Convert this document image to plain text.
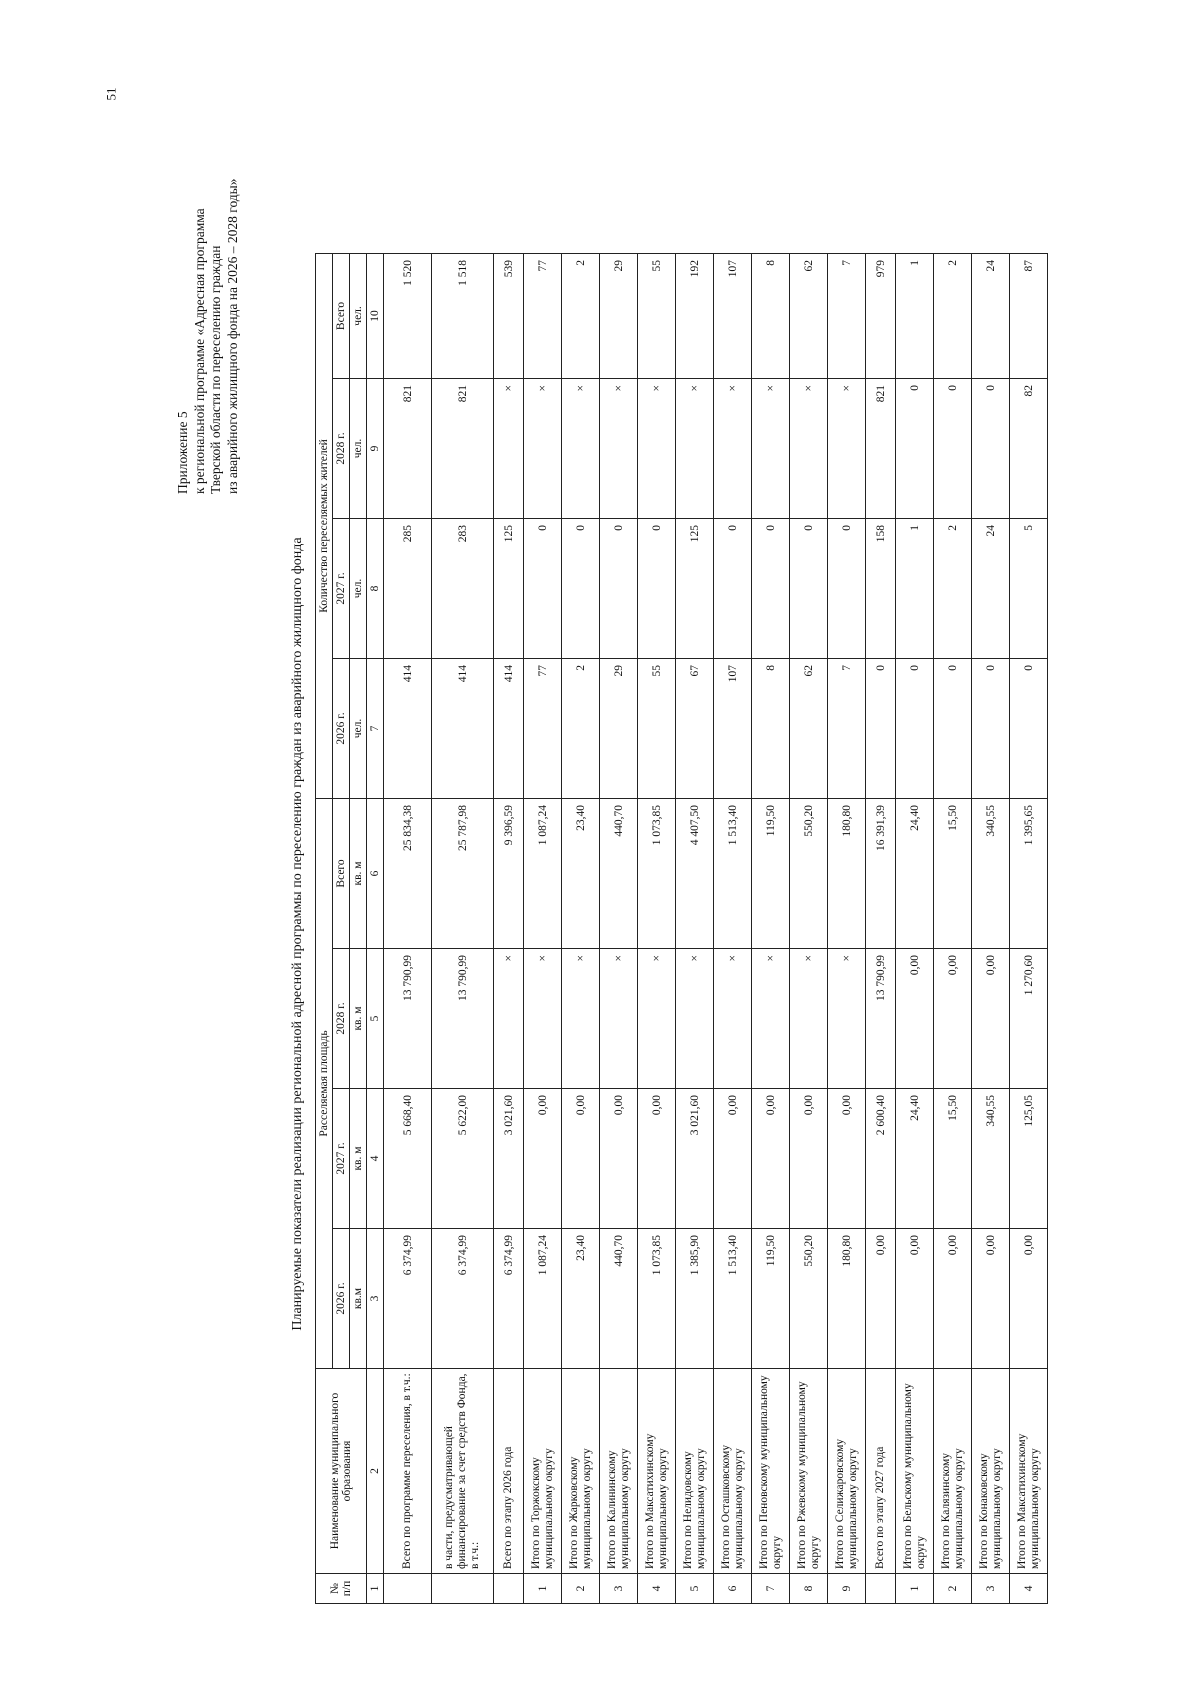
51
Приложение 5 к региональной программе «Адресная программа Тверской области по переселению граждан из аварийного жилищного фонда на 2026 – 2028 годы»
Планируемые показатели реализации региональной адресной программы по переселению граждан из аварийного жилищного фонда
№ п/п	Наименование муниципального образования	Расселяемая площадь				Количество переселяемых жителей			
		2026 г.	2027 г.	2028 г.	Всего	2026 г.	2027 г.	2028 г.	Всего
		кв.м	кв. м	кв. м	кв. м	чел.	чел.	чел.	чел.
1	2	3	4	5	6	7	8	9	10
	Всего по программе переселения, в т.ч.:	6 374,99	5 668,40	13 790,99	25 834,38	414	285	821	1 520
	в части, предусматривающей финансирование за счет средств Фонда, в т.ч.:	6 374,99	5 622,00	13 790,99	25 787,98	414	283	821	1 518
	Всего по этапу 2026 года	6 374,99	3 021,60	×	9 396,59	414	125	×	539
1	Итого по Торжокскому муниципальному округу	1 087,24	0,00	×	1 087,24	77	0	×	77
2	Итого по Жарковскому муниципальному округу	23,40	0,00	×	23,40	2	0	×	2
3	Итого по Калининскому муниципальному округу	440,70	0,00	×	440,70	29	0	×	29
4	Итого по Максатихинскому муниципальному округу	1 073,85	0,00	×	1 073,85	55	0	×	55
5	Итого по Нелидовскому муниципальному округу	1 385,90	3 021,60	×	4 407,50	67	125	×	192
6	Итого по Осташковскому муниципальному округу	1 513,40	0,00	×	1 513,40	107	0	×	107
7	Итого по Пеновскому муниципальному округу	119,50	0,00	×	119,50	8	0	×	8
8	Итого по Ржевскому муниципальному округу	550,20	0,00	×	550,20	62	0	×	62
9	Итого по Селижаровскому муниципальному округу	180,80	0,00	×	180,80	7	0	×	7
	Всего по этапу 2027 года	0,00	2 600,40	13 790,99	16 391,39	0	158	821	979
1	Итого по Бельскому муниципальному округу	0,00	24,40	0,00	24,40	0	1	0	1
2	Итого по Калязинскому муниципальному округу	0,00	15,50	0,00	15,50	0	2	0	2
3	Итого по Конаковскому муниципальному округу	0,00	340,55	0,00	340,55	0	24	0	24
4	Итого по Максатихинскому муниципальному округу	0,00	125,05	1 270,60	1 395,65	0	5	82	87
